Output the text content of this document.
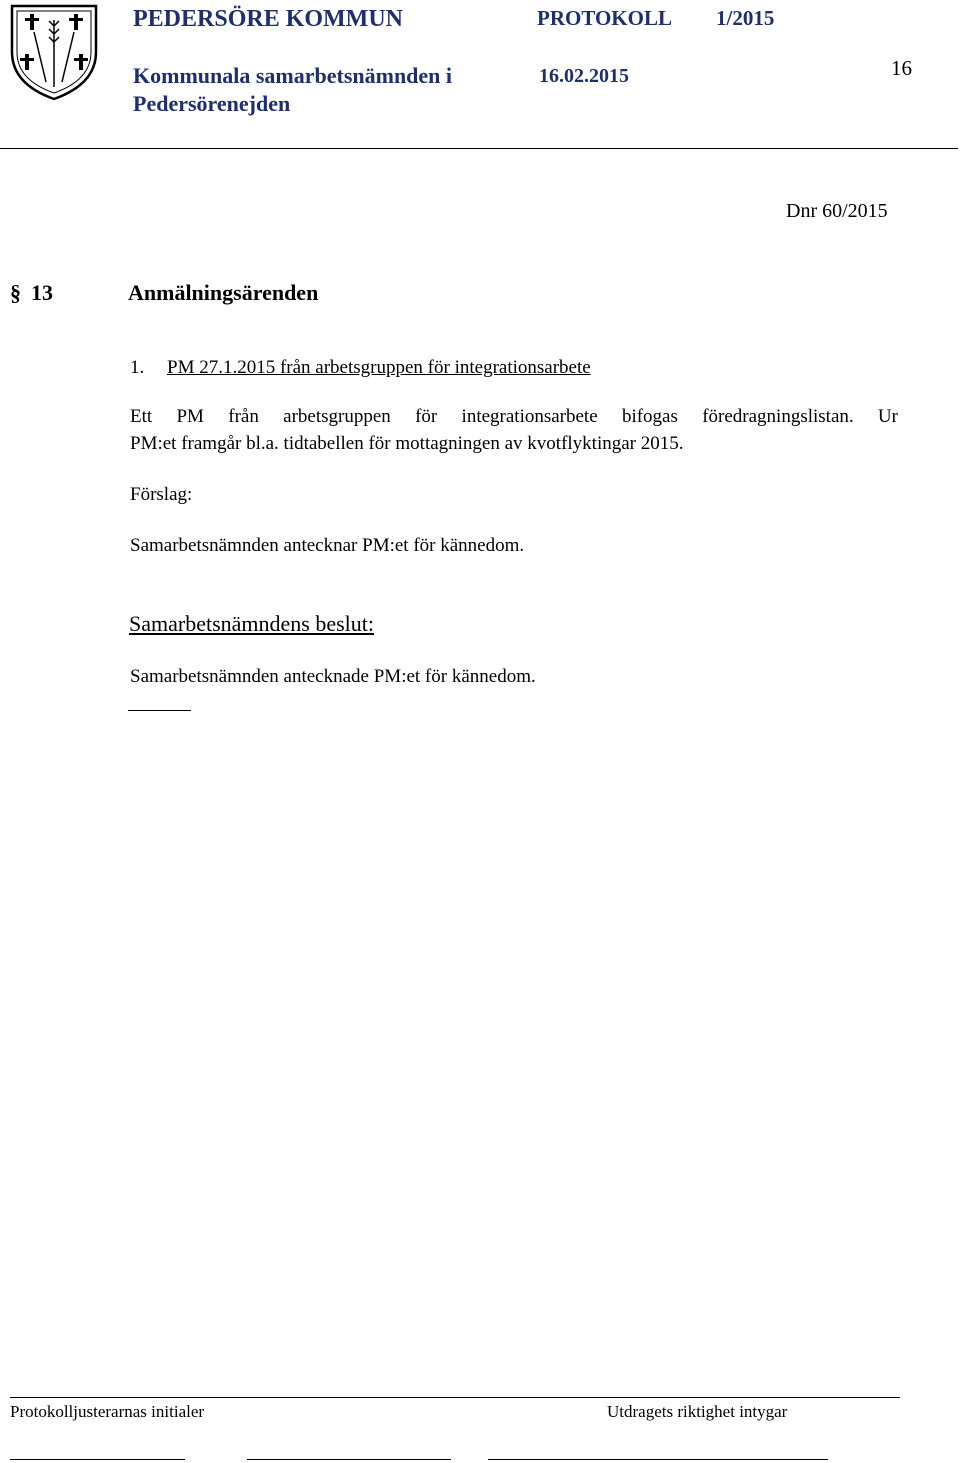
PEDERSÖRE KOMMUN	PROTOKOLL 1/2015
Kommunala samarbetsnämnden i	16.02.2015
Pedersörenejden
16
Dnr 60/2015
§ 13	Anmälningsärenden
1. PM 27.1.2015 från arbetsgruppen för integrationsarbete
Ett PM från arbetsgruppen för integrationsarbete bifogas föredragningslistan. Ur
PM:et framgår bl.a. tidtabellen för mottagningen av kvotflyktingar 2015.
Förslag:
Samarbetsnämnden antecknar PM:et för kännedom.
Samarbetsnämndens beslut:
Samarbetsnämnden antecknade PM:et för kännedom.
Protokolljusterarnas initialer	Utdragets riktighet intygar
